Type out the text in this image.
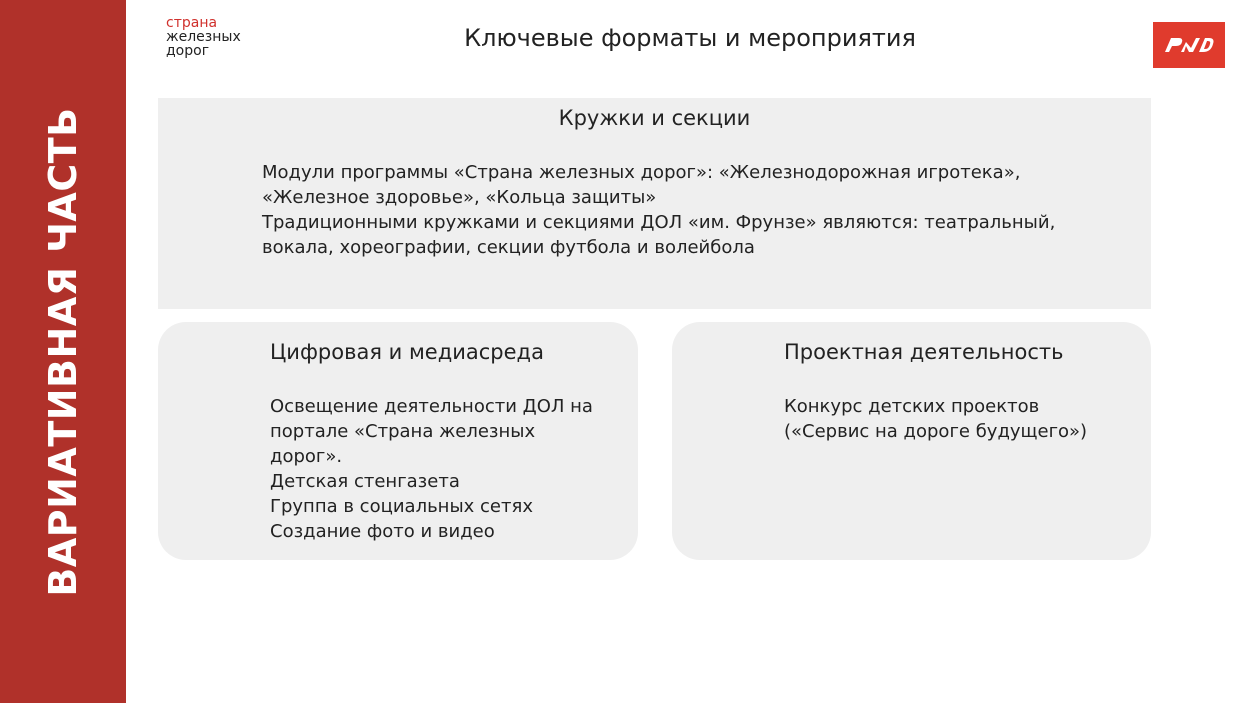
ВАРИАТИВНАЯ ЧАСТЬ
страна
железных
дорог	Ключевые форматы и мероприятия
Кружки и секции
Модули программы «Страна железных дорог»: «Железнодорожная игротека»,
«Железное здоровье», «Кольца защиты»
Традиционными кружками и секциями ДОЛ «им. Фрунзе» являются: театральный,
вокала, хореографии, секции футбола и волейбола
Цифровая и медиасреда
Освещение деятельности ДОЛ на
портале «Страна железных
дорог».
Детская стенгазета
Группа в социальных сетях
Создание фото и видео
Проектная деятельность
Конкурс детских проектов
(«Сервис на дороге будущего»)
